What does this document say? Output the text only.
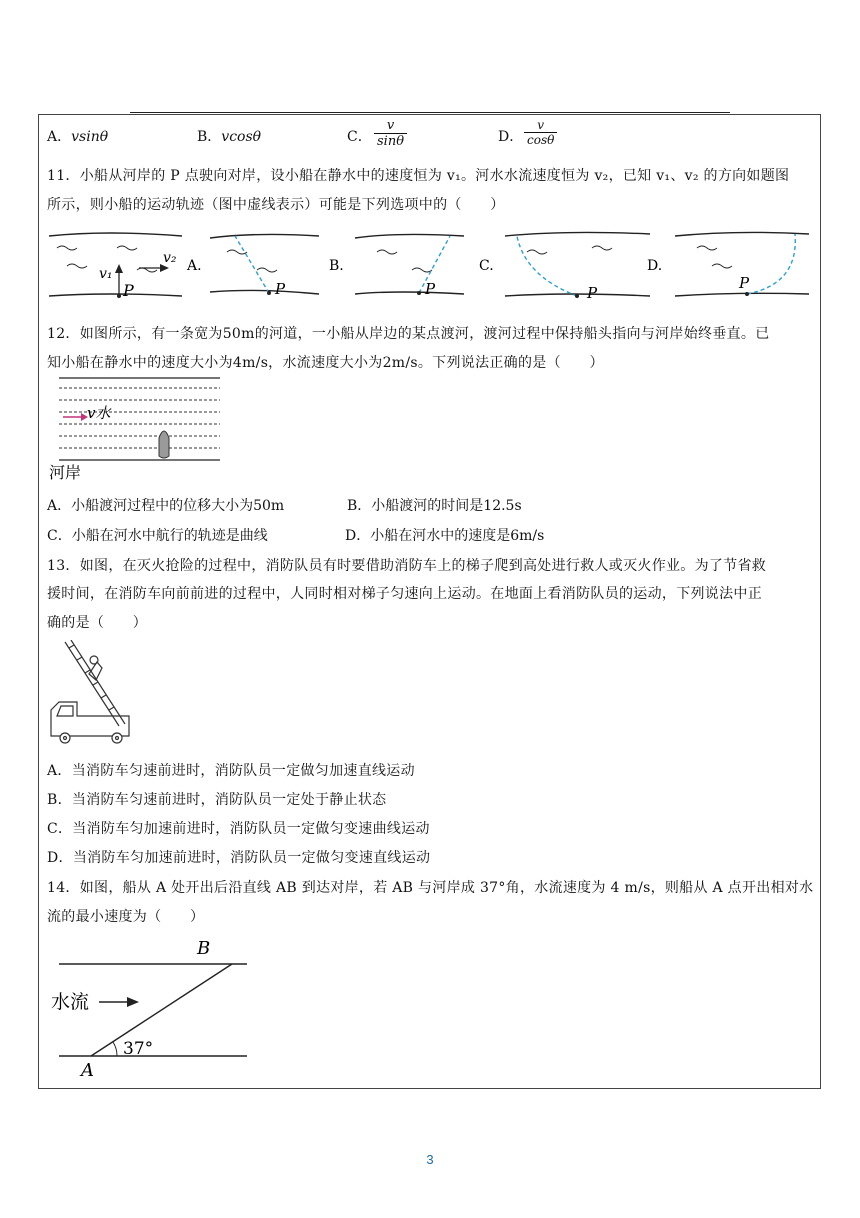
A．vsinθ	B．vcosθ	C． $\frac{v}{\sin\theta}$	D． $\frac{v}{\cos\theta}$
11．小船从河岸的 P 点驶向对岸，设小船在静水中的速度恒为 v₁。河水水流速度恒为 v₂，已知 v₁、v₂ 的方向如题图
所示，则小船的运动轨迹（图中虚线表示）可能是下列选项中的（　　）
v₁
v₂
P
A.	B.	C.	D.
P	P	P
P
12．如图所示，有一条宽为50m的河道，一小船从岸边的某点渡河，渡河过程中保持船头指向与河岸始终垂直。已
知小船在静水中的速度大小为4m/s，水流速度大小为2m/s。下列说法正确的是（　　）
v水
河岸
A．小船渡河过程中的位移大小为50m	B．小船渡河的时间是12.5s
C．小船在河水中航行的轨迹是曲线	D．小船在河水中的速度是6m/s
13．如图，在灭火抢险的过程中，消防队员有时要借助消防车上的梯子爬到高处进行救人或灭火作业。为了节省救
援时间，在消防车向前前进的过程中，人同时相对梯子匀速向上运动。在地面上看消防队员的运动，下列说法中正
确的是（　　）
A．当消防车匀速前进时，消防队员一定做匀加速直线运动
B．当消防车匀速前进时，消防队员一定处于静止状态
C．当消防车匀加速前进时，消防队员一定做匀变速曲线运动
D．当消防车匀加速前进时，消防队员一定做匀变速直线运动
14．如图，船从 A 处开出后沿直线 AB 到达对岸，若 AB 与河岸成 37°角，水流速度为 4 m/s，则船从 A 点开出相对水
流的最小速度为（　　）
水流
37°
B
A
3
